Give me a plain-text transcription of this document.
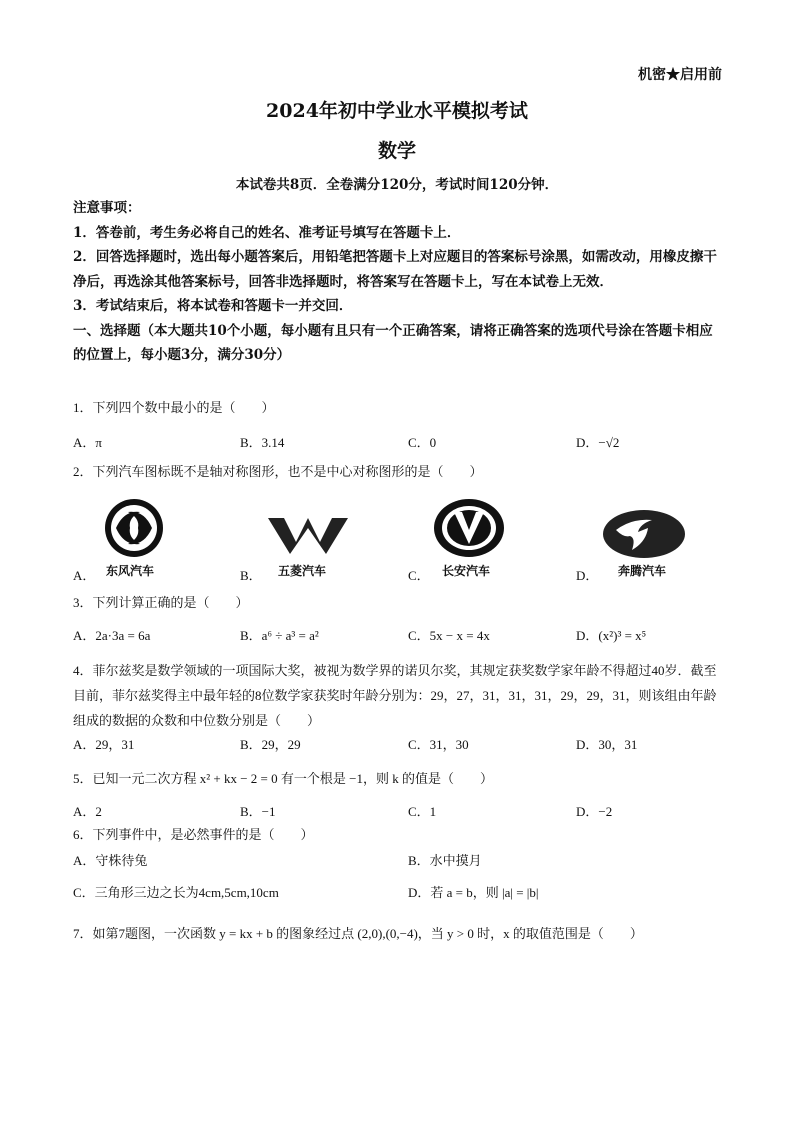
机密★启用前
2024年初中学业水平模拟考试
数学
本试卷共8页．全卷满分120分，考试时间120分钟．

注意事项：

1．答卷前，考生务必将自己的姓名、准考证号填写在答题卡上．

2．回答选择题时，选出每小题答案后，用铅笔把答题卡上对应题目的答案标号涂黑，如需改动，用橡皮擦干净后，再选涂其他答案标号，回答非选择题时，将答案写在答题卡上，写在本试卷上无效．

3．考试结束后，将本试卷和答题卡一并交回．

一、选择题（本大题共10个小题，每小题有且只有一个正确答案，请将正确答案的选项代号涂在答题卡相应的位置上，每小题3分，满分30分）

1．下列四个数中最小的是（　　）
A．π	B．3.14	C．0	D．−√2
2．下列汽车图标既不是轴对称图形，也不是中心对称图形的是（　　）
A． 东风汽车	B． 五菱汽车	C． 长安汽车	D． 奔腾汽车
3．下列计算正确的是（　　）
A．2a·3a = 6a	B．a⁶ ÷ a³ = a²	C．5x − x = 4x	D．(x²)³ = x⁵
4．菲尔兹奖是数学领域的一项国际大奖，被视为数学界的诺贝尔奖，其规定获奖数学家年龄不得超过40岁．截至目前，菲尔兹奖得主中最年轻的8位数学家获奖时年龄分别为：29，27，31，31，31，29，29，31，则该组由年龄组成的数据的众数和中位数分别是（　　）
A．29，31	B．29，29	C．31，30	D．30，31
5．已知一元二次方程 x² + kx − 2 = 0 有一个根是 −1，则 k 的值是（　　）
A．2	B．−1	C．1	D．−2
6．下列事件中，是必然事件的是（　　）
A．守株待兔	B．水中摸月
C．三角形三边之长为4cm,5cm,10cm	D．若 a = b，则 |a| = |b|
7．如第7题图，一次函数 y = kx + b 的图象经过点 (2,0),(0,−4)，当 y > 0 时，x 的取值范围是（　　）
